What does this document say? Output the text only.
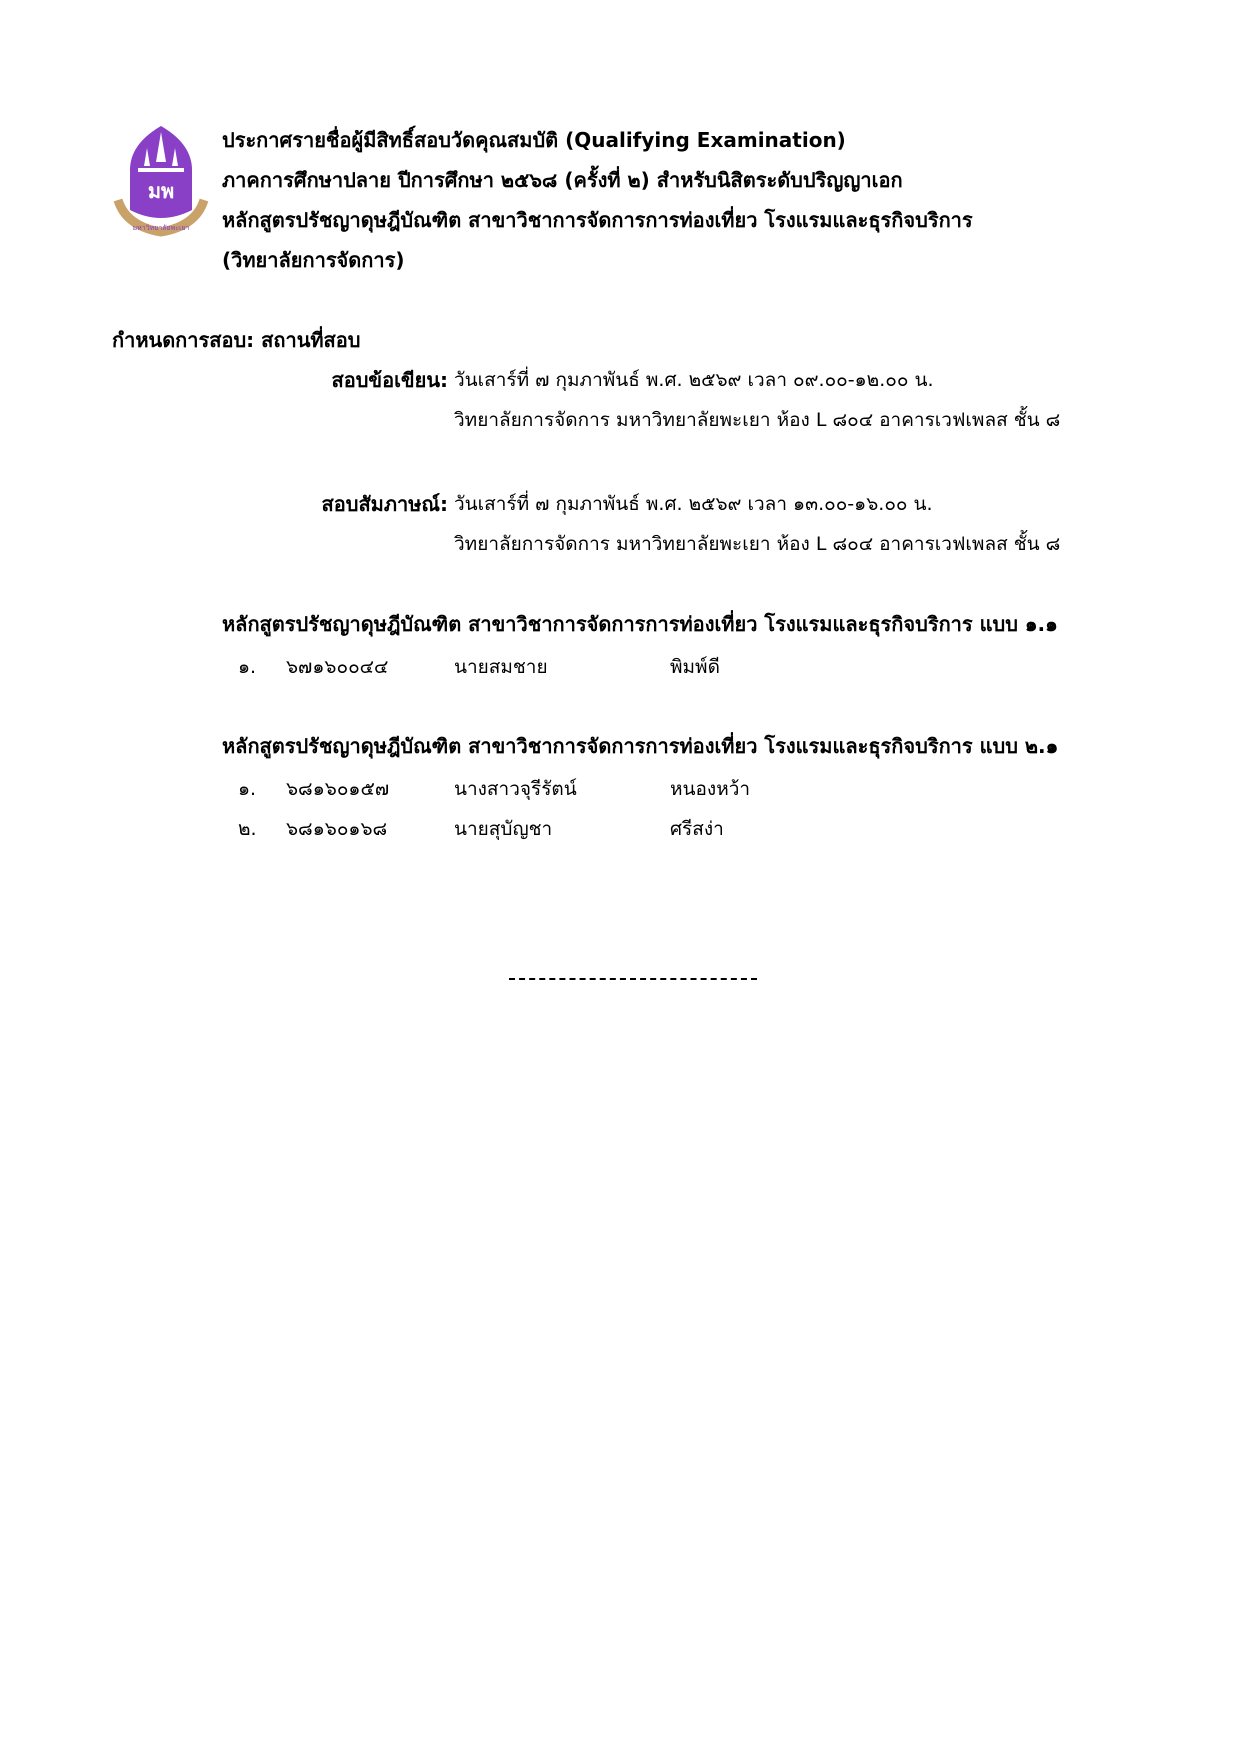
มพ
มหาวิทยาลัยพะเยา
ประกาศรายชื่อผู้มีสิทธิ์สอบวัดคุณสมบัติ (Qualifying Examination)
ภาคการศึกษาปลาย ปีการศึกษา ๒๕๖๘ (ครั้งที่ ๒) สำหรับนิสิตระดับปริญญาเอก
หลักสูตรปรัชญาดุษฎีบัณฑิต สาขาวิชาการจัดการการท่องเที่ยว โรงแรมและธุรกิจบริการ
(วิทยาลัยการจัดการ)
กำหนดการสอบ: สถานที่สอบ
สอบข้อเขียน: วันเสาร์ที่ ๗ กุมภาพันธ์ พ.ศ. ๒๕๖๙ เวลา ๐๙.๐๐-๑๒.๐๐ น.
วิทยาลัยการจัดการ มหาวิทยาลัยพะเยา ห้อง L ๘๐๔ อาคารเวฟเพลส ชั้น ๘
สอบสัมภาษณ์: วันเสาร์ที่ ๗ กุมภาพันธ์ พ.ศ. ๒๕๖๙ เวลา ๑๓.๐๐-๑๖.๐๐ น.
วิทยาลัยการจัดการ มหาวิทยาลัยพะเยา ห้อง L ๘๐๔ อาคารเวฟเพลส ชั้น ๘
หลักสูตรปรัชญาดุษฎีบัณฑิต สาขาวิชาการจัดการการท่องเที่ยว โรงแรมและธุรกิจบริการ แบบ ๑.๑
๑. ๖๗๑๖๐๐๔๔	นายสมชาย	พิมพ์ดี
หลักสูตรปรัชญาดุษฎีบัณฑิต สาขาวิชาการจัดการการท่องเที่ยว โรงแรมและธุรกิจบริการ แบบ ๒.๑
๑. ๖๘๑๖๐๑๕๗	นางสาวจุรีรัตน์	หนองหว้า
๒. ๖๘๑๖๐๑๖๘	นายสุบัญชา	ศรีสง่า
